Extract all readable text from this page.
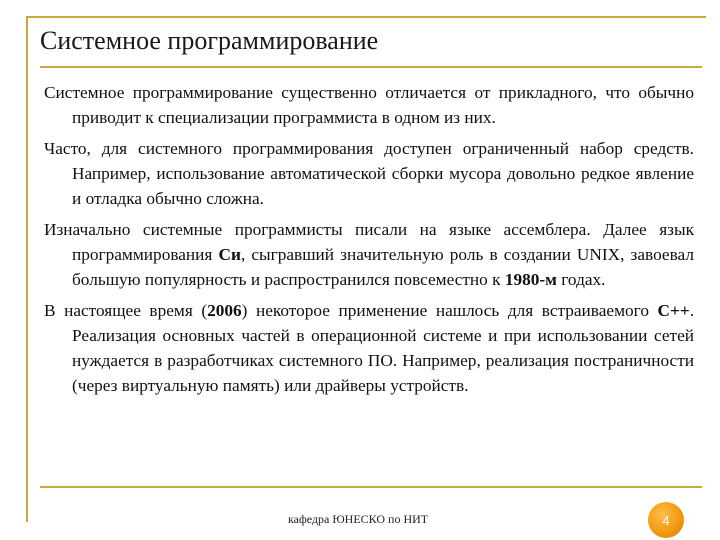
Системное программирование

Системное программирование существенно отличается от прикладного, что обычно приводит к специализации программиста в одном из них.

Часто, для системного программирования доступен ограниченный набор средств. Например, использование автоматической сборки мусора довольно редкое явление и отладка обычно сложна.

Изначально системные программисты писали на языке ассемблера. Далее язык программирования Си, сыгравший значительную роль в создании UNIX, завоевал большую популярность и распространился повсеместно к 1980-м годах.

В настоящее время (2006) некоторое применение нашлось для встраиваемого C++. Реализация основных частей в операционной системе и при использовании сетей нуждается в разработчиках системного ПО. Например, реализация постраничности (через виртуальную память) или драйверы устройств.

кафедра ЮНЕСКО по НИТ	4
